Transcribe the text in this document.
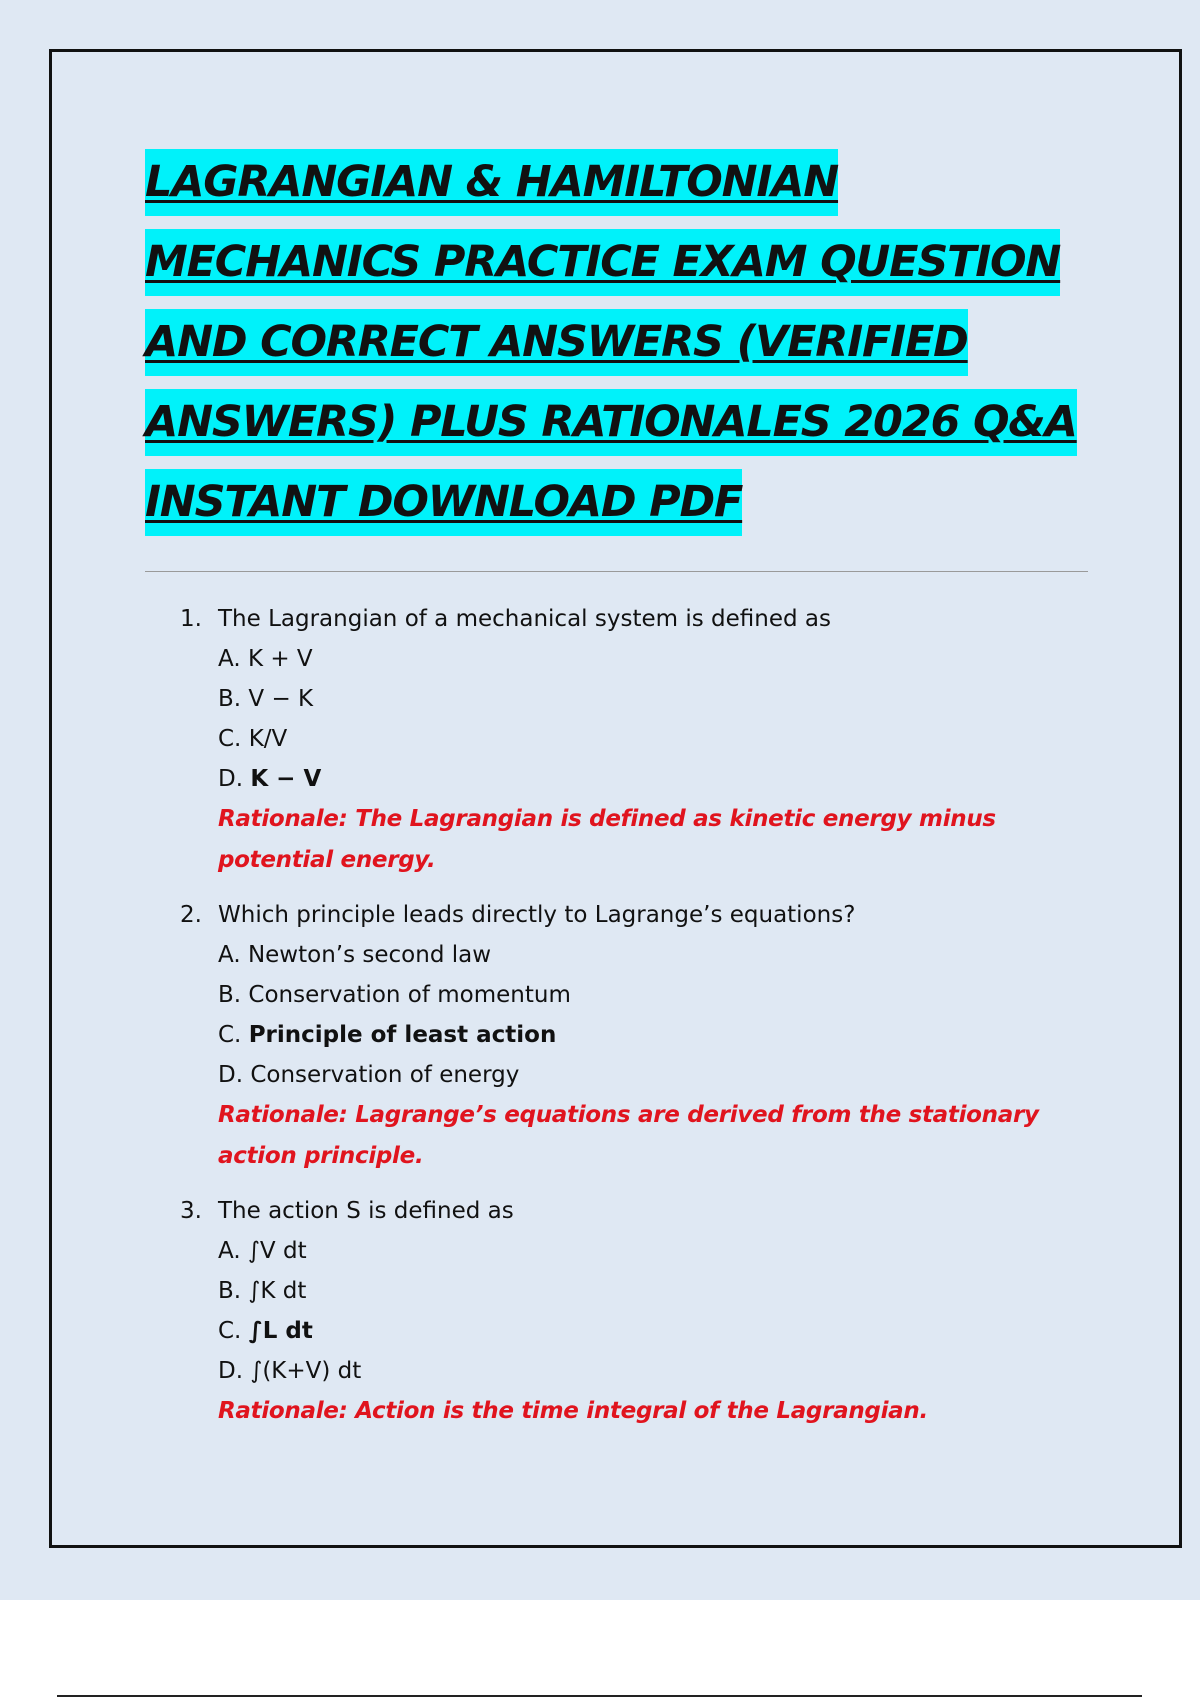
LAGRANGIAN & HAMILTONIAN
MECHANICS PRACTICE EXAM QUESTION
AND CORRECT ANSWERS (VERIFIED
ANSWERS) PLUS RATIONALES 2026 Q&A
INSTANT DOWNLOAD PDF
1. The Lagrangian of a mechanical system is defined as
A. K + V
B. V − K
C. K/V
D. K − V
Rationale: The Lagrangian is defined as kinetic energy minus potential energy.
2. Which principle leads directly to Lagrange’s equations?
A. Newton’s second law
B. Conservation of momentum
C. Principle of least action
D. Conservation of energy
Rationale: Lagrange’s equations are derived from the stationary action principle.
3. The action S is defined as
A. ∫V dt
B. ∫K dt
C. ∫L dt
D. ∫(K+V) dt
Rationale: Action is the time integral of the Lagrangian.
